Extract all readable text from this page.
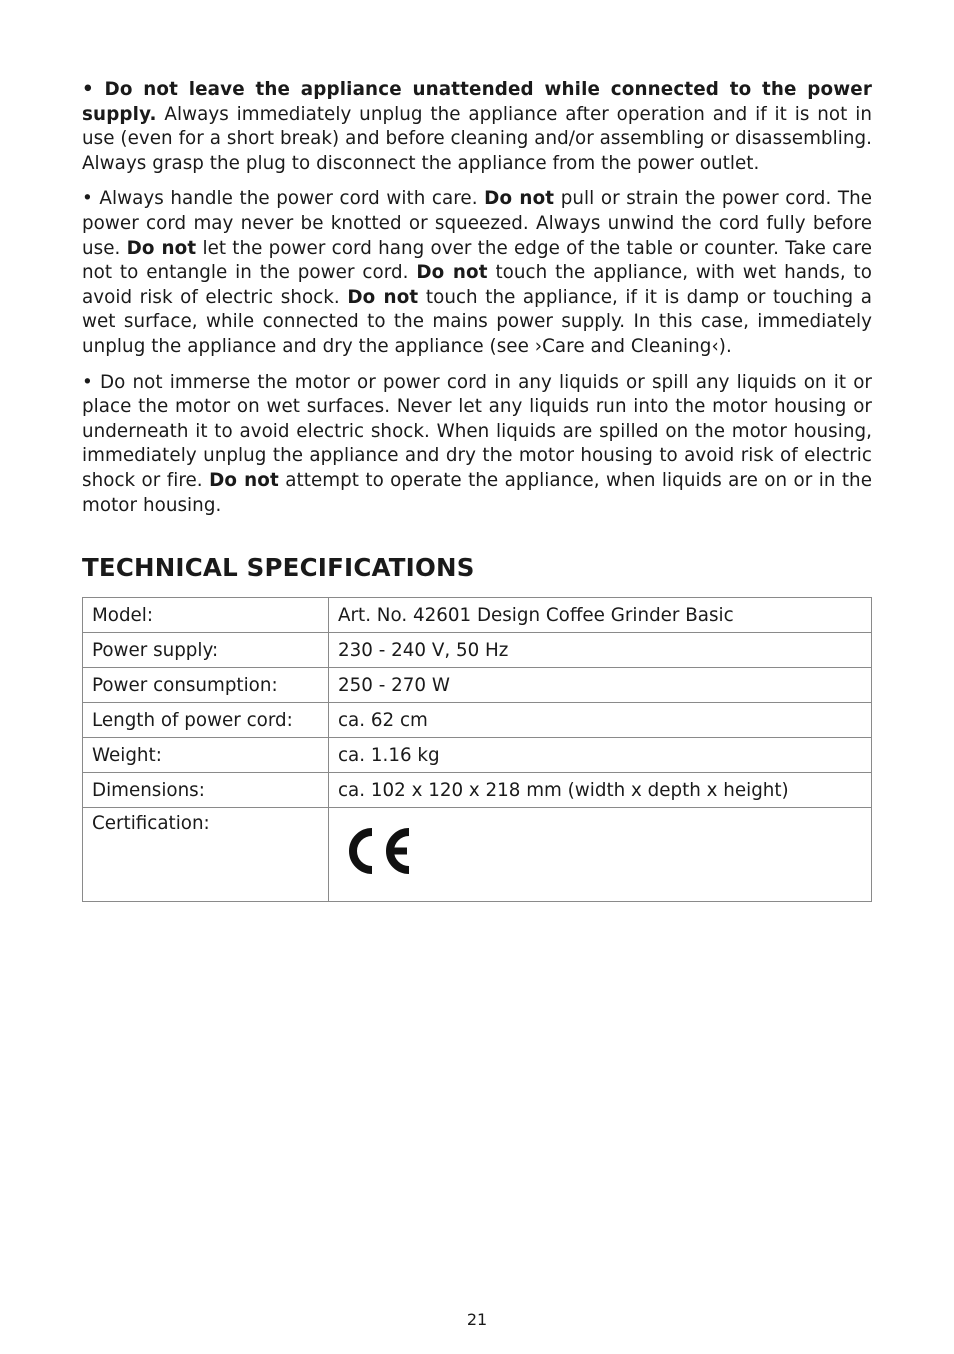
• Do not leave the appliance unattended while connected to the power supply. Always immediately unplug the appliance after operation and if it is not in use (even for a short break) and before cleaning and/or assembling or disassembling. Always grasp the plug to disconnect the appliance from the power outlet.

• Always handle the power cord with care. Do not pull or strain the power cord. The power cord may never be knotted or squeezed. Always unwind the cord fully before use. Do not let the power cord hang over the edge of the table or counter. Take care not to entangle in the power cord. Do not touch the appliance, with wet hands, to avoid risk of electric shock. Do not touch the appliance, if it is damp or touching a wet surface, while connected to the mains power supply. In this case, immediately unplug the appliance and dry the appliance (see ›Care and Cleaning‹).

• Do not immerse the motor or power cord in any liquids or spill any liquids on it or place the motor on wet surfaces. Never let any liquids run into the motor housing or underneath it to avoid electric shock. When liquids are spilled on the motor housing, immediately unplug the appliance and dry the motor housing to avoid risk of electric shock or fire. Do not attempt to operate the appliance, when liquids are on or in the motor housing.

TECHNICAL SPECIFICATIONS
Model:	Art. No. 42601 Design Coffee Grinder Basic
Power supply:	230 - 240 V, 50 Hz
Power consumption:	250 - 270 W
Length of power cord:	ca. 62 cm
Weight:	ca. 1.16 kg
Dimensions:	ca. 102 x 120 x 218 mm (width x depth x height)
Certification:	
21
